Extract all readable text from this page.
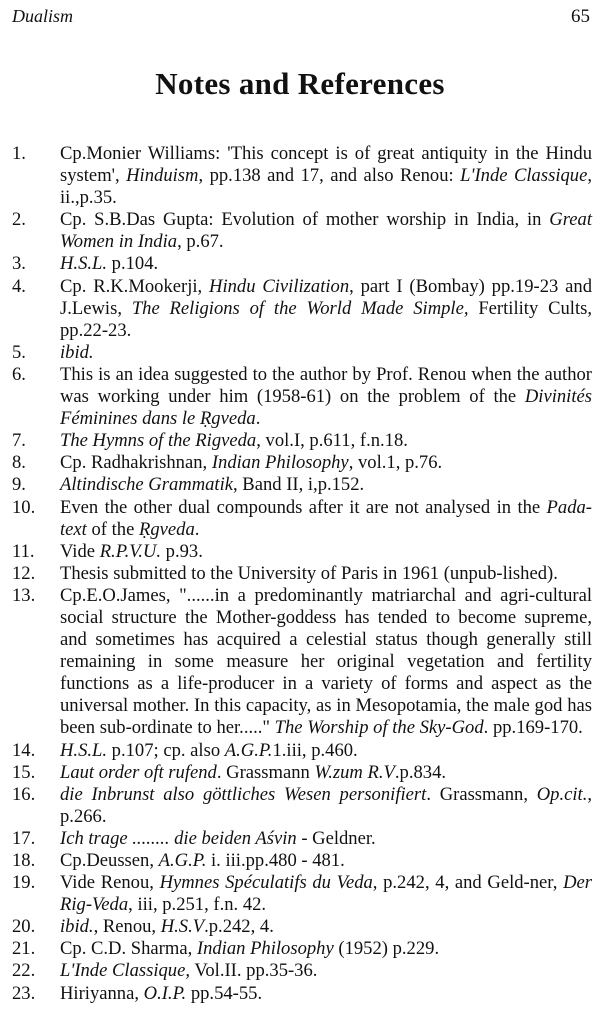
Dualism	65
Notes and References
1. Cp.Monier Williams: 'This concept is of great antiquity in the Hindu system', Hinduism, pp.138 and 17, and also Renou: L'Inde Classique, ii.,p.35.
2. Cp. S.B.Das Gupta: Evolution of mother worship in India, in Great Women in India, p.67.
3. H.S.L. p.104.
4. Cp. R.K.Mookerji, Hindu Civilization, part I (Bombay) pp.19-23 and J.Lewis, The Religions of the World Made Simple, Fertility Cults, pp.22-23.
5. ibid.
6. This is an idea suggested to the author by Prof. Renou when the author was working under him (1958-61) on the problem of the Divinités Féminines dans le Ṛgveda.
7. The Hymns of the Rigveda, vol.I, p.611, f.n.18.
8. Cp. Radhakrishnan, Indian Philosophy, vol.1, p.76.
9. Altindische Grammatik, Band II, i,p.152.
10. Even the other dual compounds after it are not analysed in the Pada-text of the Ṛgveda.
11. Vide R.P.V.U. p.93.
12. Thesis submitted to the University of Paris in 1961 (unpub-lished).
13. Cp.E.O.James, "......in a predominantly matriarchal and agri-cultural social structure the Mother-goddess has tended to become supreme, and sometimes has acquired a celestial status though generally still remaining in some measure her original vegetation and fertility functions as a life-producer in a variety of forms and aspect as the universal mother. In this capacity, as in Mesopotamia, the male god has been sub-ordinate to her....." The Worship of the Sky-God. pp.169-170.
14. H.S.L. p.107; cp. also A.G.P.1.iii, p.460.
15. Laut order oft rufend. Grassmann W.zum R.V.p.834.
16. die Inbrunst also göttliches Wesen personifiert. Grassmann, Op.cit., p.266.
17. Ich trage ........ die beiden Aśvin - Geldner.
18. Cp.Deussen, A.G.P. i. iii.pp.480 - 481.
19. Vide Renou, Hymnes Spéculatifs du Veda, p.242, 4, and Geld-ner, Der Rig-Veda, iii, p.251, f.n. 42.
20. ibid., Renou, H.S.V.p.242, 4.
21. Cp. C.D. Sharma, Indian Philosophy (1952) p.229.
22. L'Inde Classique, Vol.II. pp.35-36.
23. Hiriyanna, O.I.P. pp.54-55.
